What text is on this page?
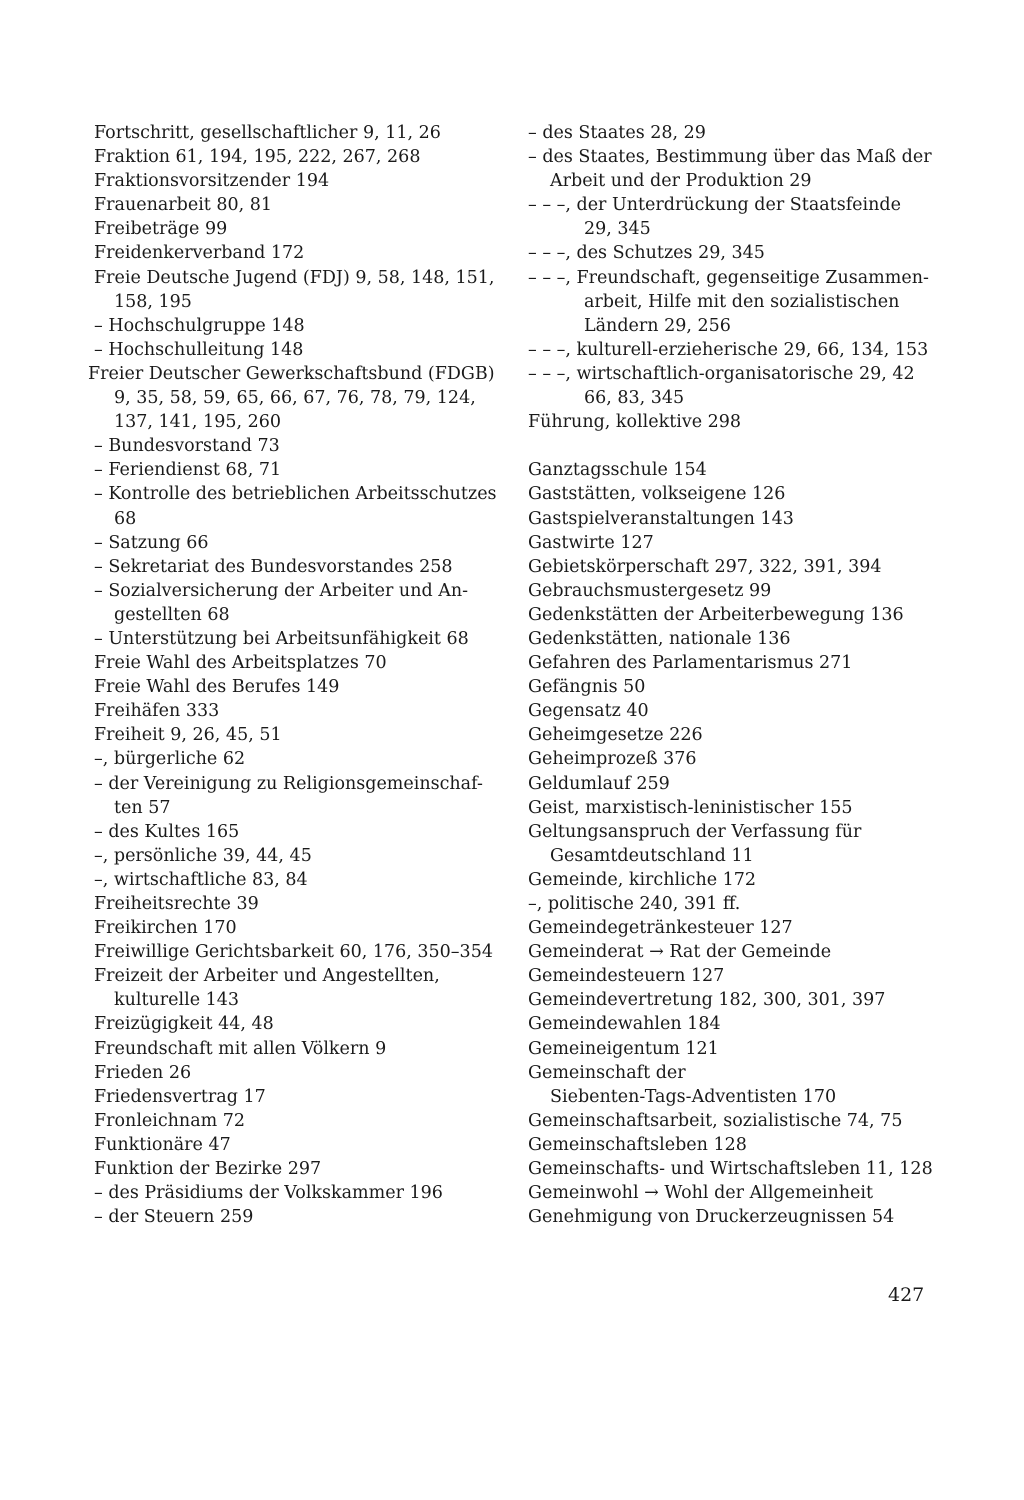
Fortschritt, gesellschaftlicher 9, 11, 26
Fraktion 61, 194, 195, 222, 267, 268
Fraktionsvorsitzender 194
Frauenarbeit 80, 81
Freibeträge 99
Freidenkerverband 172
Freie Deutsche Jugend (FDJ) 9, 58, 148, 151,
158, 195
– Hochschulgruppe 148
– Hochschulleitung 148
Freier Deutscher Gewerkschaftsbund (FDGB)
9, 35, 58, 59, 65, 66, 67, 76, 78, 79, 124,
137, 141, 195, 260
– Bundesvorstand 73
– Feriendienst 68, 71
– Kontrolle des betrieblichen Arbeitsschutzes
68
– Satzung 66
– Sekretariat des Bundesvorstandes 258
– Sozialversicherung der Arbeiter und An-
gestellten 68
– Unterstützung bei Arbeitsunfähigkeit 68
Freie Wahl des Arbeitsplatzes 70
Freie Wahl des Berufes 149
Freihäfen 333
Freiheit 9, 26, 45, 51
–, bürgerliche 62
– der Vereinigung zu Religionsgemeinschaf-
ten 57
– des Kultes 165
–, persönliche 39, 44, 45
–, wirtschaftliche 83, 84
Freiheitsrechte 39
Freikirchen 170
Freiwillige Gerichtsbarkeit 60, 176, 350–354
Freizeit der Arbeiter und Angestellten,
kulturelle 143
Freizügigkeit 44, 48
Freundschaft mit allen Völkern 9
Frieden 26
Friedensvertrag 17
Fronleichnam 72
Funktionäre 47
Funktion der Bezirke 297
– des Präsidiums der Volkskammer 196
– der Steuern 259
– des Staates 28, 29
– des Staates, Bestimmung über das Maß der
Arbeit und der Produktion 29
– – –, der Unterdrückung der Staatsfeinde
29, 345
– – –, des Schutzes 29, 345
– – –, Freundschaft, gegenseitige Zusammen-
arbeit, Hilfe mit den sozialistischen
Ländern 29, 256
– – –, kulturell-erzieherische 29, 66, 134, 153
– – –, wirtschaftlich-organisatorische 29, 42
66, 83, 345
Führung, kollektive 298
Ganztagsschule 154
Gaststätten, volkseigene 126
Gastspielveranstaltungen 143
Gastwirte 127
Gebietskörperschaft 297, 322, 391, 394
Gebrauchsmustergesetz 99
Gedenkstätten der Arbeiterbewegung 136
Gedenkstätten, nationale 136
Gefahren des Parlamentarismus 271
Gefängnis 50
Gegensatz 40
Geheimgesetze 226
Geheimprozeß 376
Geldumlauf 259
Geist, marxistisch-leninistischer 155
Geltungsanspruch der Verfassung für
Gesamtdeutschland 11
Gemeinde, kirchliche 172
–, politische 240, 391 ff.
Gemeindegetränkesteuer 127
Gemeinderat → Rat der Gemeinde
Gemeindesteuern 127
Gemeindevertretung 182, 300, 301, 397
Gemeindewahlen 184
Gemeineigentum 121
Gemeinschaft der
Siebenten-Tags-Adventisten 170
Gemeinschaftsarbeit, sozialistische 74, 75
Gemeinschaftsleben 128
Gemeinschafts- und Wirtschaftsleben 11, 128
Gemeinwohl → Wohl der Allgemeinheit
Genehmigung von Druckerzeugnissen 54
427
